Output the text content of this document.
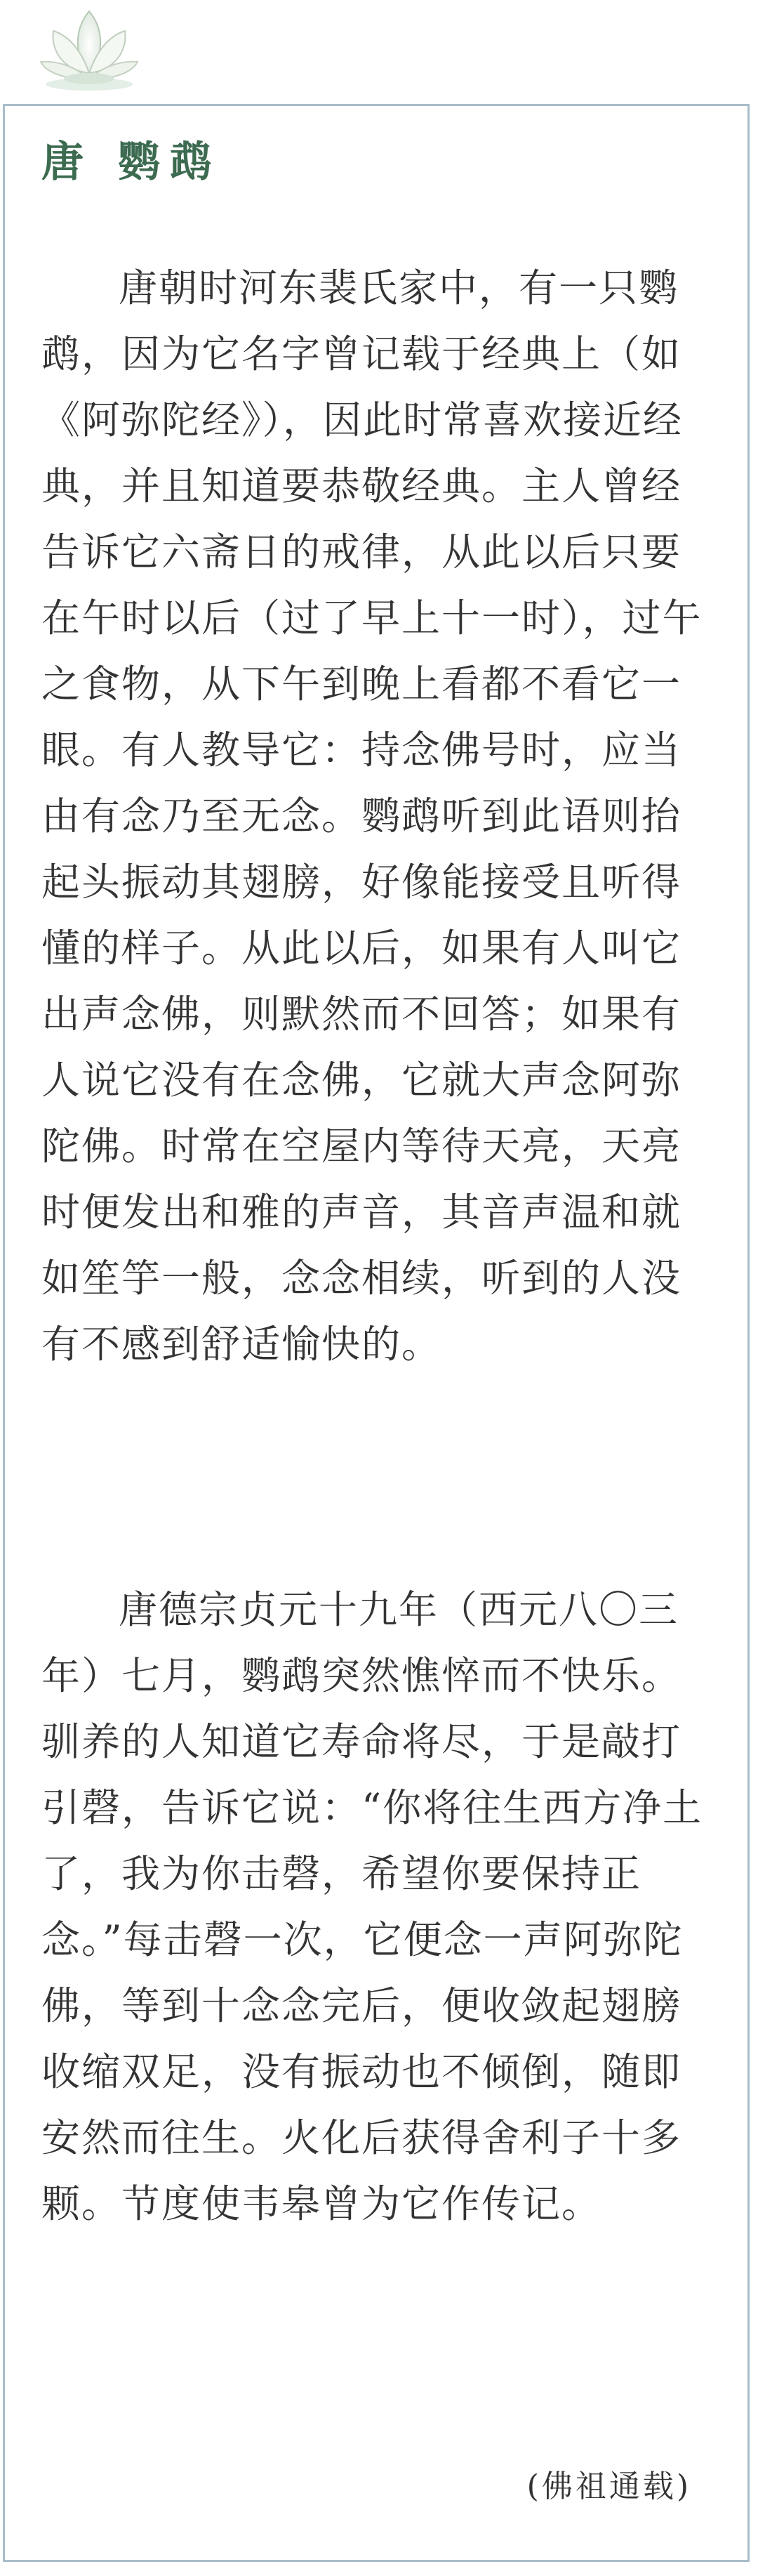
唐 鹦鹉

唐朝时河东裴氏家中，有一只鹦鹉，因为它名字曾记载于经典上（如《阿弥陀经》），因此时常喜欢接近经典，并且知道要恭敬经典。主人曾经告诉它六斋日的戒律，从此以后只要在午时以后（过了早上十一时），过午之食物，从下午到晚上看都不看它一眼。有人教导它：持念佛号时，应当由有念乃至无念。鹦鹉听到此语则抬起头振动其翅膀，好像能接受且听得懂的样子。从此以后，如果有人叫它出声念佛，则默然而不回答；如果有人说它没有在念佛，它就大声念阿弥陀佛。时常在空屋内等待天亮，天亮时便发出和雅的声音，其音声温和就如笙竽一般，念念相续，听到的人没有不感到舒适愉快的。

唐德宗贞元十九年（西元八〇三年）七月，鹦鹉突然憔悴而不快乐。驯养的人知道它寿命将尽，于是敲打引磬，告诉它说：“你将往生西方净土了，我为你击磬，希望你要保持正念。”每击磬一次，它便念一声阿弥陀佛，等到十念念完后，便收敛起翅膀收缩双足，没有振动也不倾倒，随即安然而往生。火化后获得舍利子十多颗。节度使韦皋曾为它作传记。

(佛祖通载)
